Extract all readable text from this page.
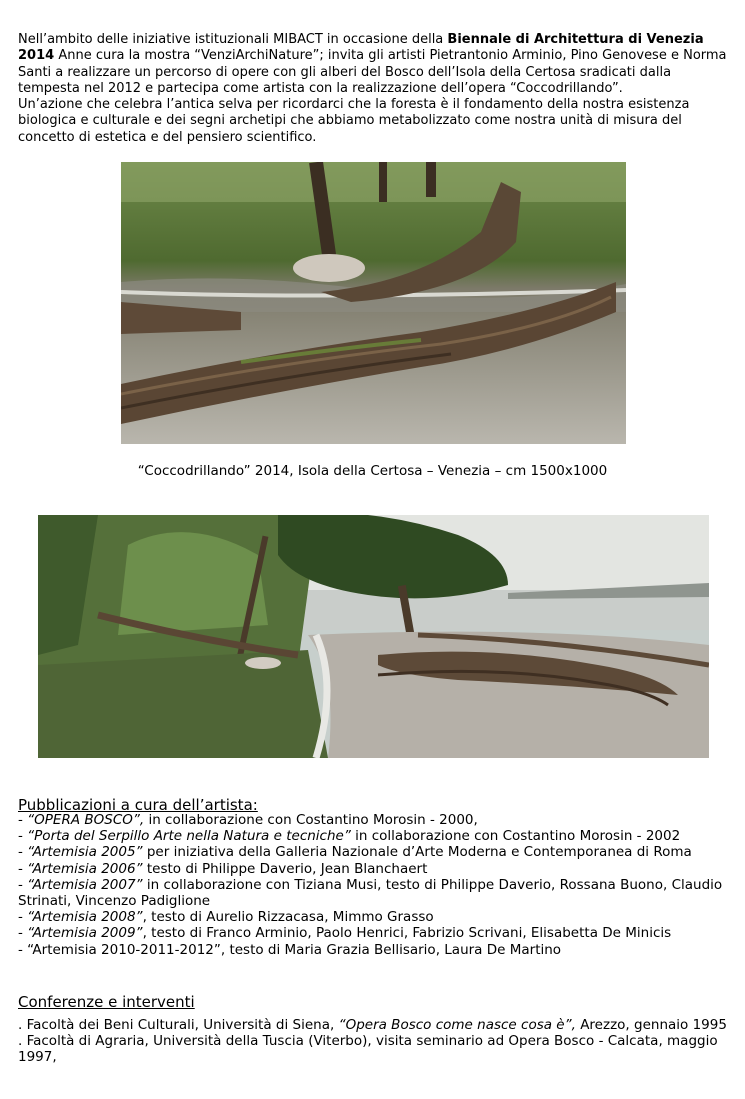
Nell’ambito delle iniziative istituzionali MIBACT in occasione della Biennale di Architettura di Venezia 2014 Anne cura la mostra “VenziArchiNature”; invita gli artisti Pietrantonio Arminio, Pino Genovese e Norma Santi a realizzare un percorso di opere con gli alberi del Bosco dell’Isola della Certosa sradicati dalla tempesta nel 2012 e partecipa come artista con la realizzazione dell’opera “Coccodrillando”.
Un’azione che celebra l’antica selva per ricordarci che la foresta è il fondamento della nostra esistenza biologica e culturale e dei segni archetipi che abbiamo metabolizzato come nostra unità di misura del concetto di estetica e del pensiero scientifico.

“Coccodrillando” 2014, Isola della Certosa – Venezia – cm 1500x1000

Pubblicazioni a cura dell’artista:
- “OPERA BOSCO”, in collaborazione con Costantino Morosin - 2000,
- “Porta del Serpillo Arte nella Natura e tecniche” in collaborazione con Costantino Morosin - 2002
- “Artemisia 2005” per iniziativa della Galleria Nazionale d’Arte Moderna e Contemporanea di Roma
- “Artemisia 2006” testo di Philippe Daverio, Jean Blanchaert
- “Artemisia 2007” in collaborazione con Tiziana Musi, testo di Philippe Daverio, Rossana Buono, Claudio Strinati, Vincenzo Padiglione
- “Artemisia 2008”, testo di Aurelio Rizzacasa, Mimmo Grasso
- “Artemisia 2009”, testo di Franco Arminio, Paolo Henrici, Fabrizio Scrivani, Elisabetta De Minicis
- “Artemisia 2010-2011-2012”, testo di Maria Grazia Bellisario, Laura De Martino
Conferenze e interventi
. Facoltà dei Beni Culturali, Università di Siena, “Opera Bosco come nasce cosa è”, Arezzo, gennaio 1995
. Facoltà di Agraria, Università della Tuscia (Viterbo), visita seminario ad Opera Bosco - Calcata, maggio 1997,
